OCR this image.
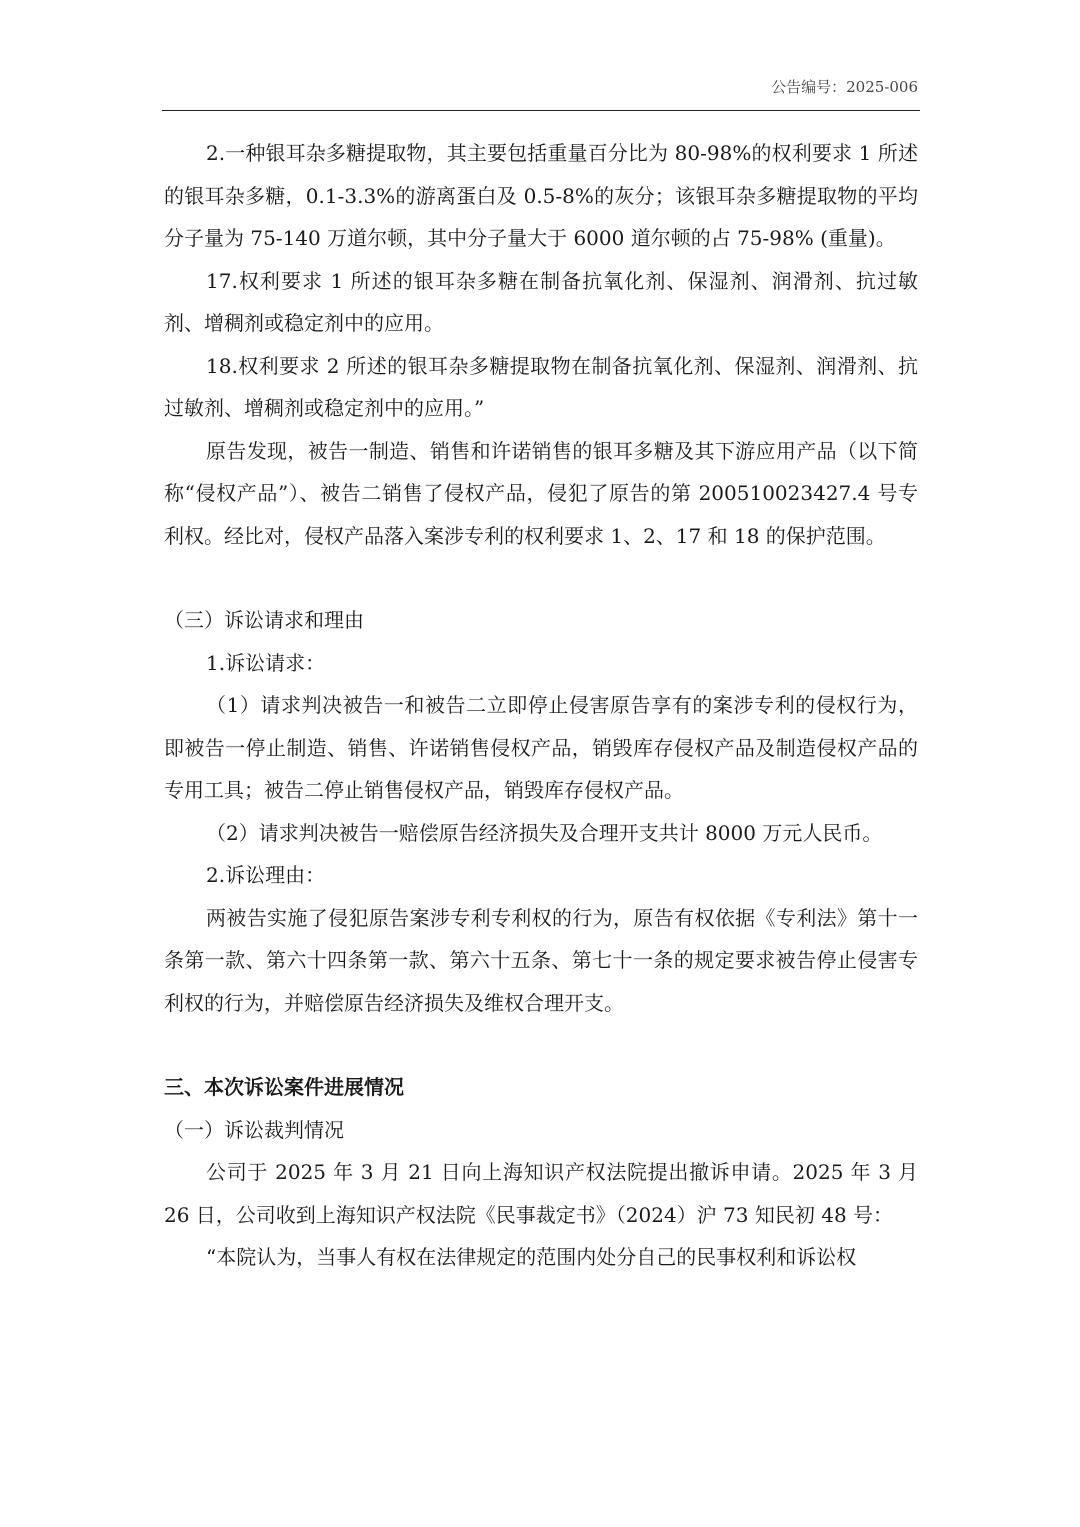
公告编号：2025-006

2.一种银耳杂多糖提取物，其主要包括重量百分比为 80-98%的权利要求 1 所述的银耳杂多糖，0.1-3.3%的游离蛋白及 0.5-8%的灰分；该银耳杂多糖提取物的平均分子量为 75-140 万道尔顿，其中分子量大于 6000 道尔顿的占 75-98% (重量)。

17.权利要求 1 所述的银耳杂多糖在制备抗氧化剂、保湿剂、润滑剂、抗过敏剂、增稠剂或稳定剂中的应用。

18.权利要求 2 所述的银耳杂多糖提取物在制备抗氧化剂、保湿剂、润滑剂、抗过敏剂、增稠剂或稳定剂中的应用。”

原告发现，被告一制造、销售和许诺销售的银耳多糖及其下游应用产品（以下简称“侵权产品”）、被告二销售了侵权产品，侵犯了原告的第 200510023427.4 号专利权。经比对，侵权产品落入案涉专利的权利要求 1、2、17 和 18 的保护范围。

（三）诉讼请求和理由

1.诉讼请求：

（1）请求判决被告一和被告二立即停止侵害原告享有的案涉专利的侵权行为，即被告一停止制造、销售、许诺销售侵权产品，销毁库存侵权产品及制造侵权产品的专用工具；被告二停止销售侵权产品，销毁库存侵权产品。

（2）请求判决被告一赔偿原告经济损失及合理开支共计 8000 万元人民币。

2.诉讼理由：

两被告实施了侵犯原告案涉专利专利权的行为，原告有权依据《专利法》第十一条第一款、第六十四条第一款、第六十五条、第七十一条的规定要求被告停止侵害专利权的行为，并赔偿原告经济损失及维权合理开支。

三、本次诉讼案件进展情况

（一）诉讼裁判情况

公司于 2025 年 3 月 21 日向上海知识产权法院提出撤诉申请。2025 年 3 月 26 日，公司收到上海知识产权法院《民事裁定书》（2024）沪 73 知民初 48 号：

“本院认为，当事人有权在法律规定的范围内处分自己的民事权利和诉讼权
